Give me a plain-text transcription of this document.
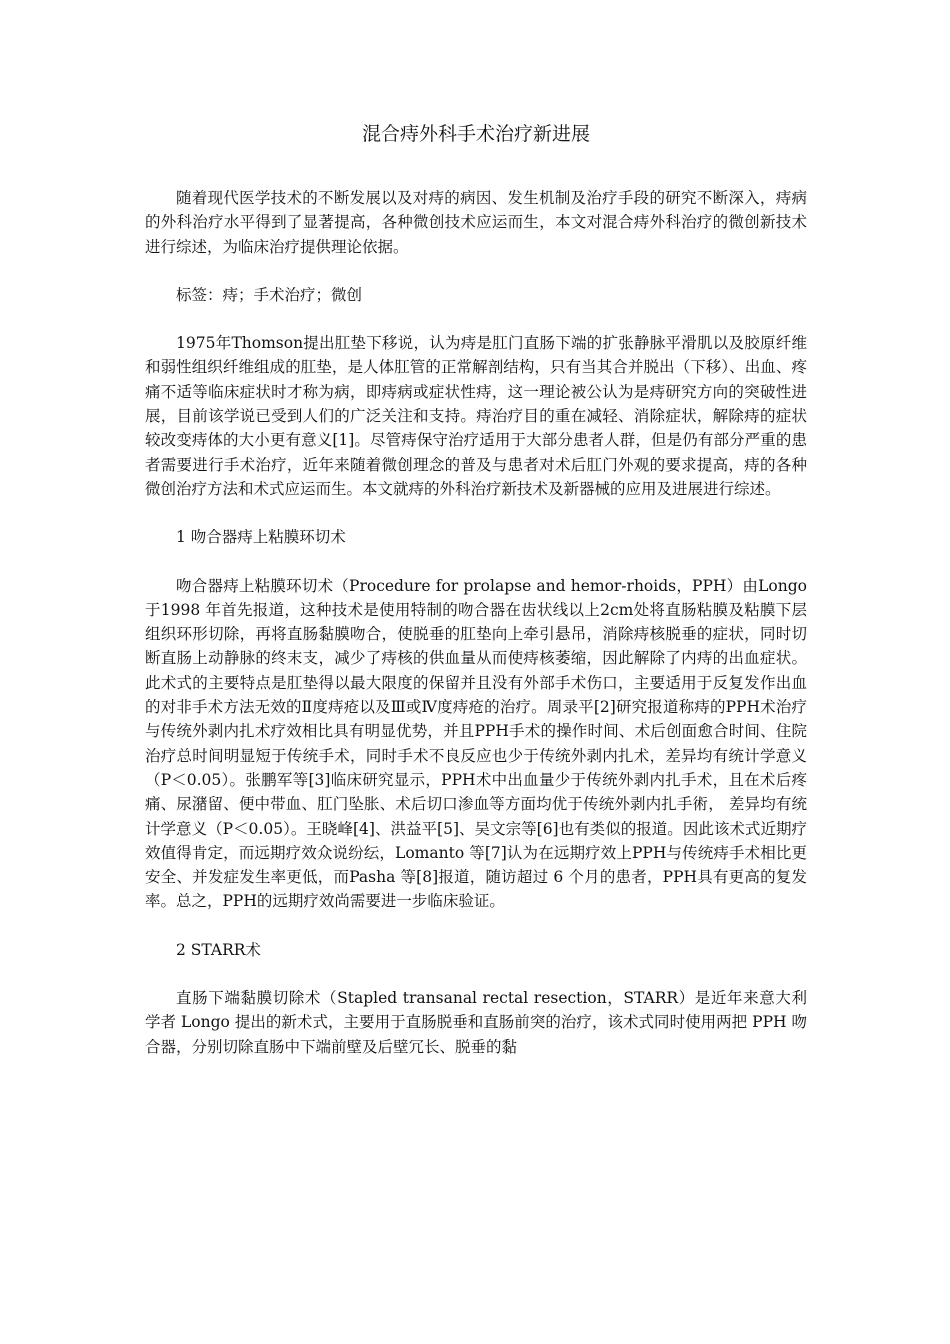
混合痔外科手术治疗新进展

随着现代医学技术的不断发展以及对痔的病因、发生机制及治疗手段的研究不断深入，痔病的外科治疗水平得到了显著提高，各种微创技术应运而生，本文对混合痔外科治疗的微创新技术进行综述，为临床治疗提供理论依据。

标签：痔；手术治疗；微创

1975年Thomson提出肛垫下移说，认为痔是肛门直肠下端的扩张静脉平滑肌以及胶原纤维和弱性组织纤维组成的肛垫，是人体肛管的正常解剖结构，只有当其合并脱出（下移）、出血、疼痛不适等临床症状时才称为病，即痔病或症状性痔，这一理论被公认为是痔研究方向的突破性进展，目前该学说已受到人们的广泛关注和支持。痔治疗目的重在减轻、消除症状，解除痔的症状较改变痔体的大小更有意义[1]。尽管痔保守治疗适用于大部分患者人群，但是仍有部分严重的患者需要进行手术治疗，近年来随着微创理念的普及与患者对术后肛门外观的要求提高，痔的各种微创治疗方法和术式应运而生。本文就痔的外科治疗新技术及新器械的应用及进展进行综述。

1 吻合器痔上粘膜环切术

吻合器痔上粘膜环切术（Procedure for prolapse and hemor-rhoids，PPH）由Longo于1998 年首先报道，这种技术是使用特制的吻合器在齿状线以上2cm处将直肠粘膜及粘膜下层组织环形切除，再将直肠黏膜吻合，使脱垂的肛垫向上牵引悬吊，消除痔核脱垂的症状，同时切断直肠上动静脉的终末支，减少了痔核的供血量从而使痔核萎缩，因此解除了内痔的出血症状。此术式的主要特点是肛垫得以最大限度的保留并且没有外部手术伤口，主要适用于反复发作出血的对非手术方法无效的Ⅱ度痔疮以及Ⅲ或Ⅳ度痔疮的治疗。周录平[2]研究报道称痔的PPH术治疗与传统外剥内扎术疗效相比具有明显优势，并且PPH手术的操作时间、术后创面愈合时间、住院治疗总时间明显短于传统手术，同时手术不良反应也少于传统外剥内扎术，差异均有统计学意义（P＜0.05）。张鹏军等[3]临床研究显示，PPH术中出血量少于传统外剥内扎手术，且在术后疼痛、尿潴留、便中带血、肛门坠胀、术后切口渗血等方面均优于传统外剥内扎手術， 差异均有统计学意义（P＜0.05）。王晓峰[4]、洪益平[5]、吴文宗等[6]也有类似的报道。因此该术式近期疗效值得肯定，而远期疗效众说纷纭，Lomanto 等[7]认为在远期疗效上PPH与传统痔手术相比更安全、并发症发生率更低，而Pasha 等[8]报道，随访超过 6 个月的患者，PPH具有更高的复发率。总之，PPH的远期疗效尚需要进一步临床验证。

2 STARR术

直肠下端黏膜切除术（Stapled transanal rectal resection，STARR）是近年来意大利学者 Longo 提出的新术式，主要用于直肠脱垂和直肠前突的治疗，该术式同时使用两把 PPH 吻合器，分别切除直肠中下端前壁及后壁冗长、脱垂的黏
